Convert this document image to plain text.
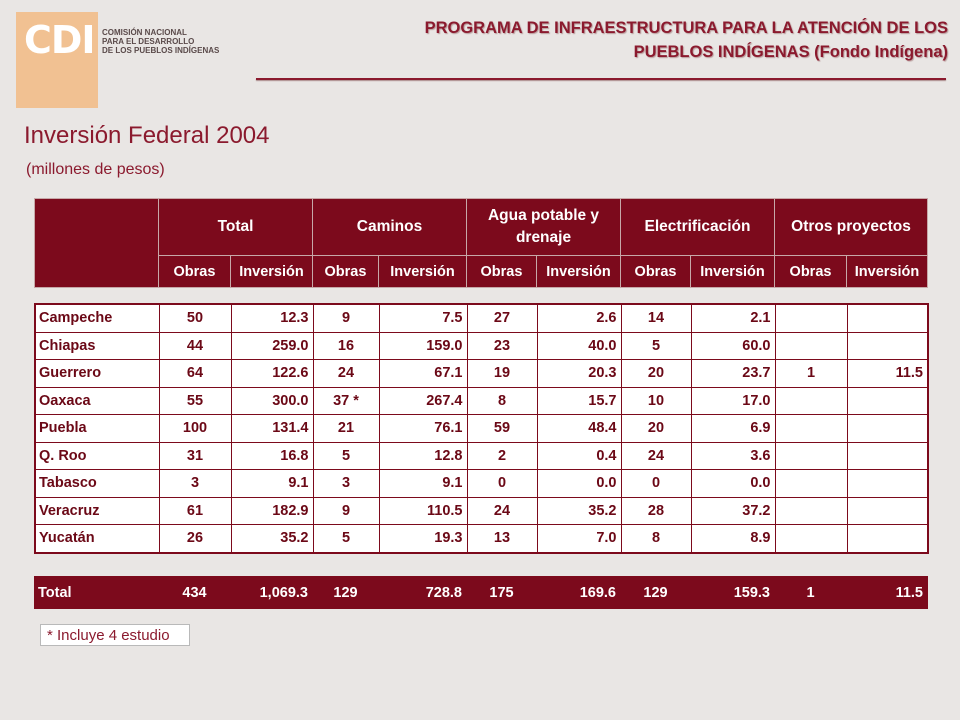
CDI COMISIÓN NACIONAL
PARA EL DESARROLLO
DE LOS PUEBLOS INDÍGENAS
PROGRAMA DE INFRAESTRUCTURA PARA LA ATENCIÓN DE LOS
PUEBLOS INDÍGENAS (Fondo Indígena)
Inversión Federal 2004
(millones de pesos)
	Total		Caminos		Agua potable y
drenaje		Electrificación		Otros proyectos	
	Obras	Inversión	Obras	Inversión	Obras	Inversión	Obras	Inversión	Obras	Inversión
Campeche	50	12.3	9	7.5	27	2.6	14	2.1		
Chiapas	44	259.0	16	159.0	23	40.0	5	60.0		
Guerrero	64	122.6	24	67.1	19	20.3	20	23.7	1	11.5
Oaxaca	55	300.0	37 *	267.4	8	15.7	10	17.0		
Puebla	100	131.4	21	76.1	59	48.4	20	6.9		
Q. Roo	31	16.8	5	12.8	2	0.4	24	3.6		
Tabasco	3	9.1	3	9.1	0	0.0	0	0.0		
Veracruz	61	182.9	9	110.5	24	35.2	28	37.2		
Yucatán	26	35.2	5	19.3	13	7.0	8	8.9		
Total	434	1,069.3	129	728.8	175	169.6	129	159.3	1	11.5
* Incluye 4 estudio
